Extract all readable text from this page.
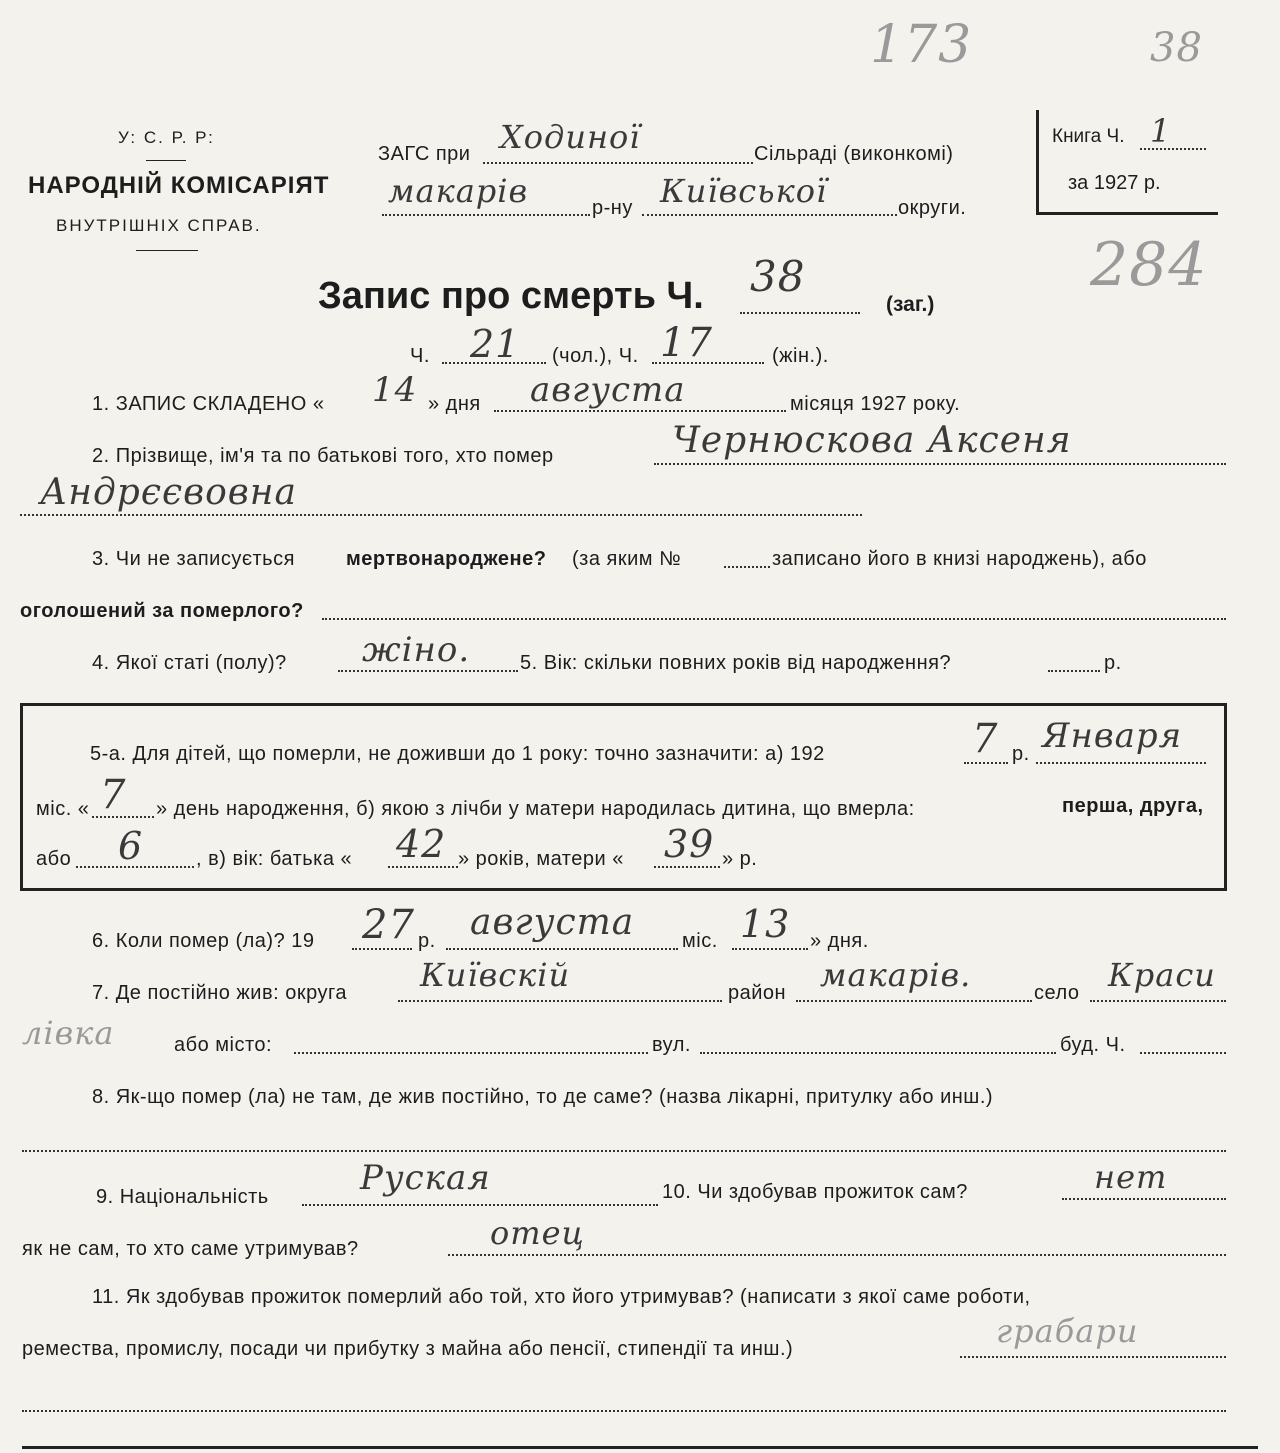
173	38
284
У: С. Р. Р:
НАРОДНІЙ КОМІСАРІЯТ
ВНУТРІШНІХ СПРАВ.
ЗАГС при Ходиної	Сільраді (виконкомі)
макарів	р-ну Київської	округи.
Книга Ч. 1
за 1927 р.
Запис про смерть Ч. 38
(заг.)
Ч. 21 (чол.), Ч. 17	(жін.).
1. ЗАПИС СКЛАДЕНО « 14 » дня августа	місяця 1927 року.
2. Прізвище, ім'я та по батькові того, хто помер	Чернюскова Аксеня
Андрєєвовна
3. Чи не записується	мертвонароджене? (за яким №	записано його в книзі народжень), або
оголошений за померлого?
4. Якої статі (полу)? жіно. 5. Вік: скільки повних років від народження?	р.
5-а. Для дітей, що померли, не доживши до 1 року: точно зазначити: а) 192	7 р. Января
міс. « 7 » день народження, б) якою з лічби у матери народилась дитина, що вмерла:	перша, друга,
або 6	, в) вік: батька « 42 » років, матери « 39 » р.
6. Коли помер (ла)? 19 27 р. августа міс. 13 » дня.
7. Де постійно жив: округа Київскій	район макарів.	село Краси
лівка	або місто:	вул.	буд. Ч.
8. Як-що помер (ла) не там, де жив постійно, то де саме? (назва лікарні, притулку або инш.)
9. Національність	Руская	10. Чи здобував прожиток сам?	нет
як не сам, то хто саме утримував?	отец
11. Як здобував прожиток померлий або той, хто його утримував? (написати з якої саме роботи,
ремества, промислу, посади чи прибутку з майна або пенсії, стипендії та инш.)	грабари
